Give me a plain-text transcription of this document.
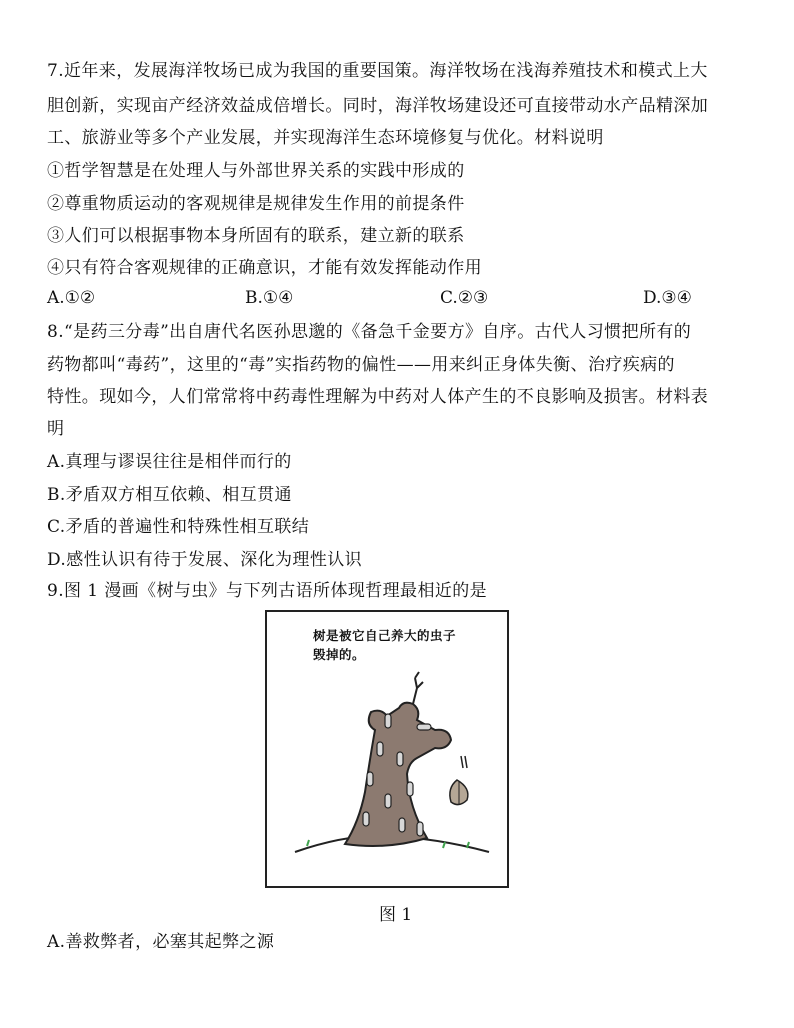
7.近年来，发展海洋牧场已成为我国的重要国策。海洋牧场在浅海养殖技术和模式上大
胆创新，实现亩产经济效益成倍增长。同时，海洋牧场建设还可直接带动水产品精深加
工、旅游业等多个产业发展，并实现海洋生态环境修复与优化。材料说明
①哲学智慧是在处理人与外部世界关系的实践中形成的
②尊重物质运动的客观规律是规律发生作用的前提条件
③人们可以根据事物本身所固有的联系，建立新的联系
④只有符合客观规律的正确意识，才能有效发挥能动作用
A.①②	B.①④	C.②③	D.③④
8.“是药三分毒”出自唐代名医孙思邈的《备急千金要方》自序。古代人习惯把所有的
药物都叫“毒药”，这里的“毒”实指药物的偏性——用来纠正身体失衡、治疗疾病的
特性。现如今，人们常常将中药毒性理解为中药对人体产生的不良影响及损害。材料表
明
A.真理与谬误往往是相伴而行的
B.矛盾双方相互依赖、相互贯通
C.矛盾的普遍性和特殊性相互联结
D.感性认识有待于发展、深化为理性认识
9.图 1 漫画《树与虫》与下列古语所体现哲理最相近的是
树是被它自己养大的虫子
毁掉的。
图 1
A.善救弊者，必塞其起弊之源
